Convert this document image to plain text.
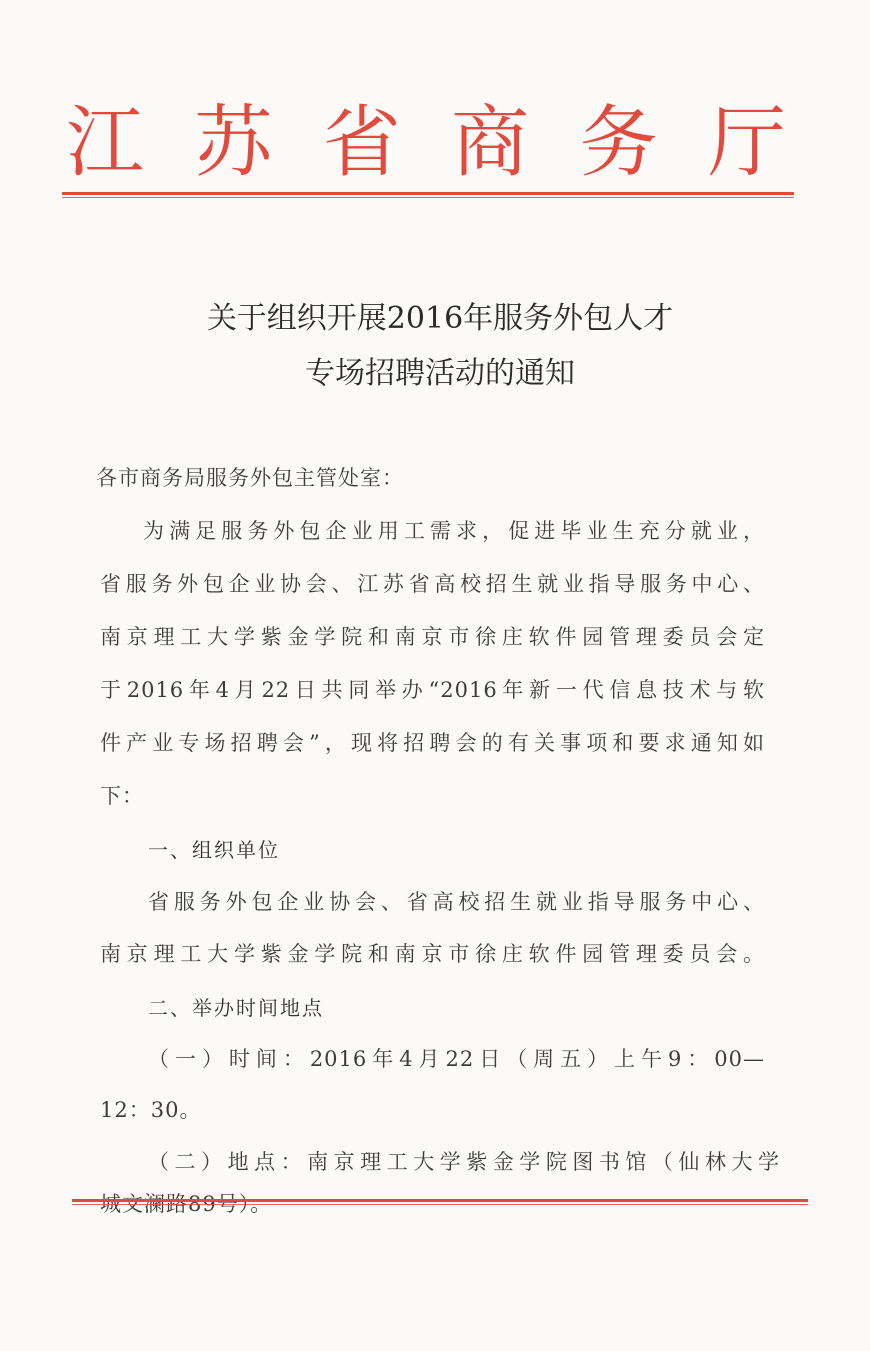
江 苏 省 商 务 厅
关于组织开展2016年服务外包人才
专场招聘活动的通知
各市商务局服务外包主管处室：
为满足服务外包企业用工需求，促进毕业生充分就业，
省服务外包企业协会、江苏省高校招生就业指导服务中心、
南京理工大学紫金学院和南京市徐庄软件园管理委员会定
于2016年4月22日共同举办“2016年新一代信息技术与软
件产业专场招聘会”，现将招聘会的有关事项和要求通知如
下：
一、组织单位
省服务外包企业协会、省高校招生就业指导服务中心、
南京理工大学紫金学院和南京市徐庄软件园管理委员会。
二、举办时间地点
（一）时间：2016年4月22日（周五）上午9：00—
12：30。
（二）地点：南京理工大学紫金学院图书馆（仙林大学
